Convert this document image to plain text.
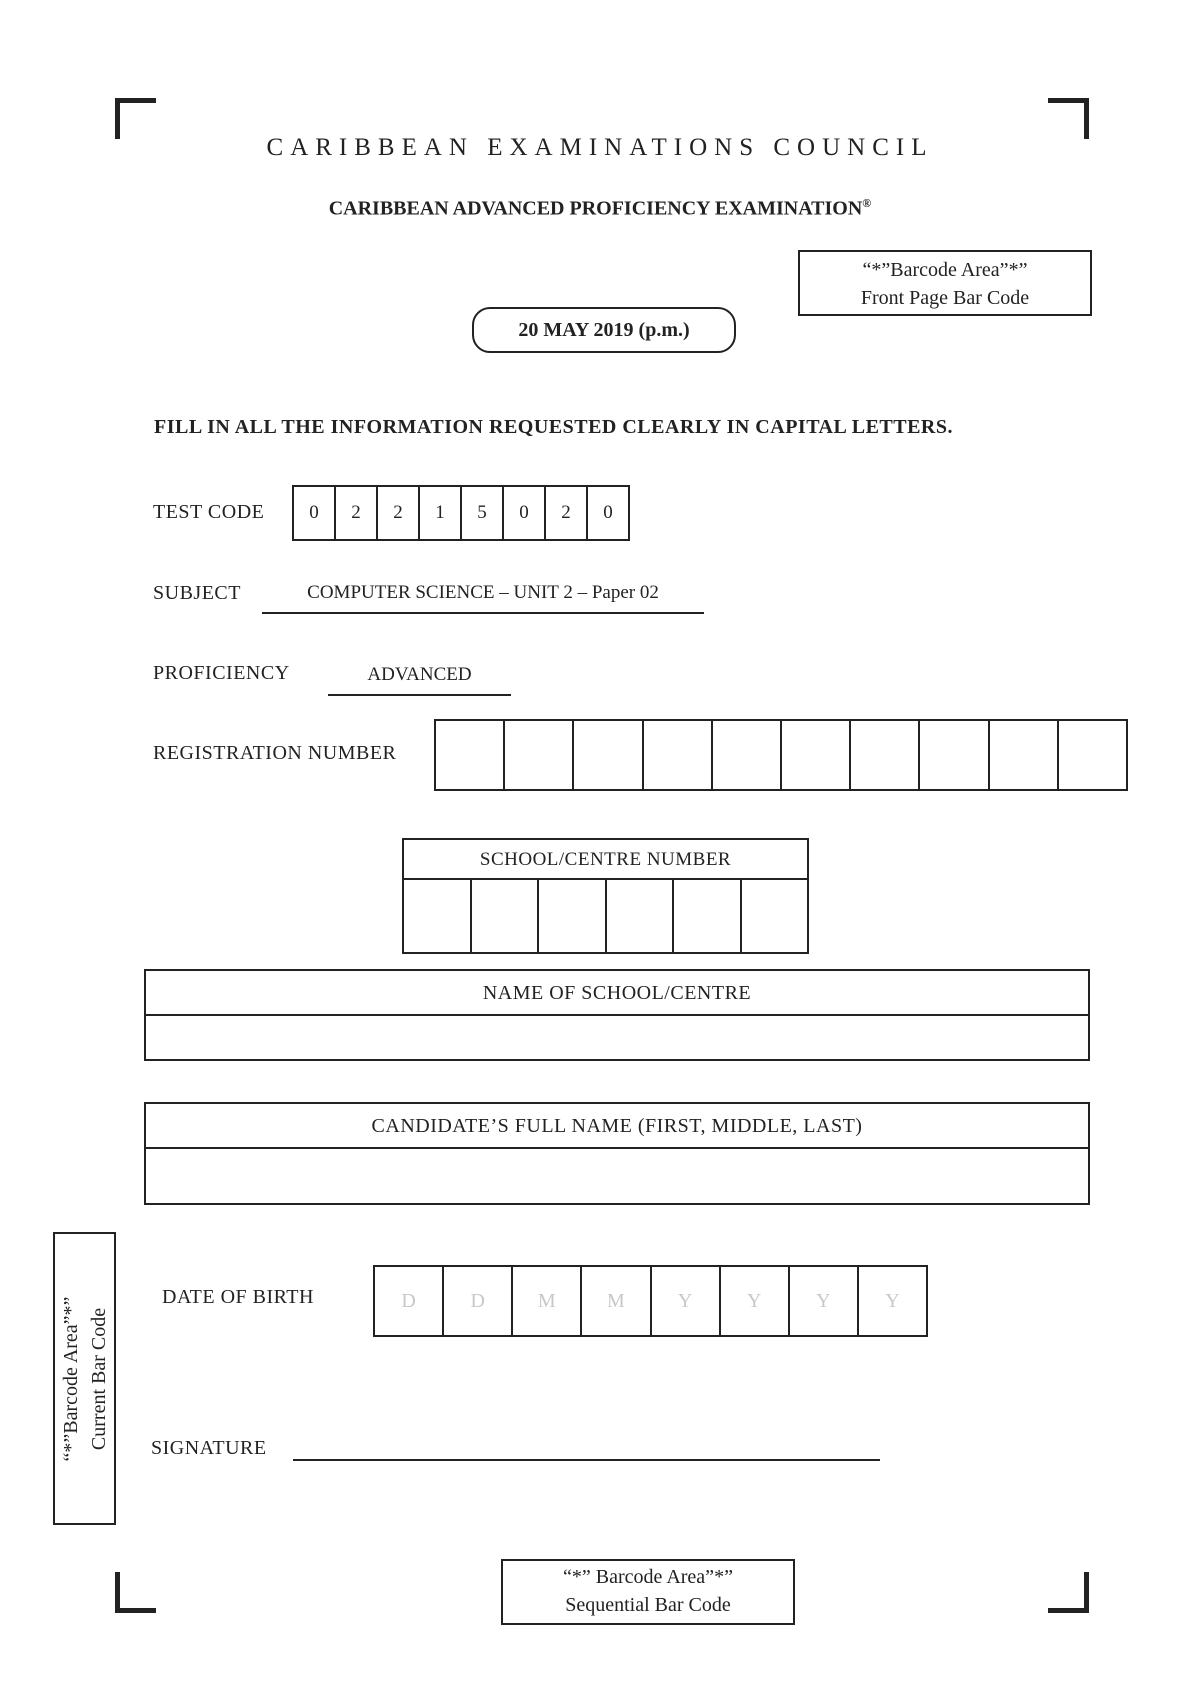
CARIBBEAN EXAMINATIONS COUNCIL
CARIBBEAN ADVANCED PROFICIENCY EXAMINATION®
“*”Barcode Area”*”
Front Page Bar Code
20 MAY 2019 (p.m.)
FILL IN ALL THE INFORMATION REQUESTED CLEARLY IN CAPITAL LETTERS.
TEST CODE	0	2	2	1	5	0	2	0
SUBJECT	COMPUTER SCIENCE – UNIT 2 – Paper 02
PROFICIENCY	ADVANCED
REGISTRATION NUMBER
SCHOOL/CENTRE NUMBER
NAME OF SCHOOL/CENTRE
CANDIDATE’S FULL NAME (FIRST, MIDDLE, LAST)
“*”Barcode Area”*” Current Bar Code
DATE OF BIRTH	D	D	M	M	Y	Y	Y	Y
SIGNATURE
“*” Barcode Area”*”
Sequential Bar Code
